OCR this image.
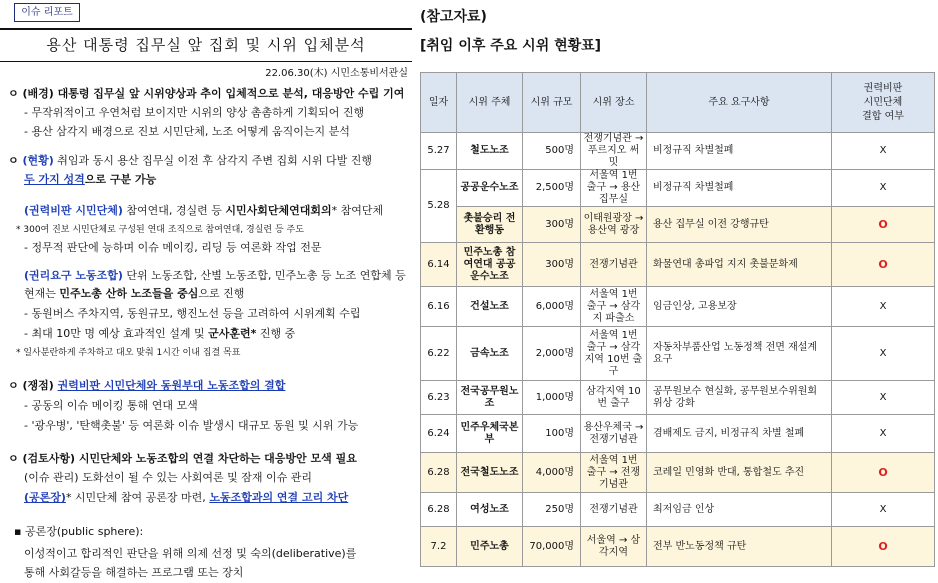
이슈 리포트
용산 대통령 집무실 앞 집회 및 시위 입체분석
22.06.30(木) 시민소통비서관실
ㅇ (배경) 대통령 집무실 앞 시위양상과 추이 입체적으로 분석, 대응방안 수립 기여
- 무작위적이고 우연처럼 보이지만 시위의 양상 촘촘하게 기획되어 진행
- 용산 삼각지 배경으로 진보 시민단체, 노조 어떻게 움직이는지 분석
ㅇ (현황) 취임과 동시 용산 집무실 이전 후 삼각지 주변 집회 시위 다발 진행
두 가지 성격으로 구분 가능
(권력비판 시민단체) 참여연대, 경실련 등 시민사회단체연대회의* 참여단체
* 300여 진보 시민단체로 구성된 연대 조직으로 참여연대, 경실련 등 주도
- 정무적 판단에 능하며 이슈 메이킹, 리딩 등 여론화 작업 전문
(권리요구 노동조합) 단위 노동조합, 산별 노동조합, 민주노총 등 노조 연합체 등
현재는 민주노총 산하 노조들을 중심으로 진행
- 동원버스 주차지역, 동원규모, 행진노선 등을 고려하여 시위계획 수립
- 최대 10만 명 예상 효과적인 설계 및 군사훈련* 진행 중
* 일사분란하게 주차하고 대오 맞춰 1시간 이내 집결 목표
ㅇ (쟁점) 권력비판 시민단체와 동원부대 노동조합의 결합
- 공동의 이슈 메이킹 통해 연대 모색
- '광우병', '탄핵촛불' 등 여론화 이슈 발생시 대규모 동원 및 시위 가능
ㅇ (검토사항) 시민단체와 노동조합의 연결 차단하는 대응방안 모색 필요
(이슈 관리) 도화선이 될 수 있는 사회여론 및 잠재 이슈 관리
(공론장)* 시민단체 참여 공론장 마련, 노동조합과의 연결 고리 차단
▪ 공론장(public sphere):
이성적이고 합리적인 판단을 위해 의제 선정 및 숙의(deliberative)를
통해 사회갈등을 해결하는 프로그램 또는 장치
(참고자료)
[취임 이후 주요 시위 현황표]
일자	시위 주체	시위 규모	시위 장소	주요 요구사항	권력비판
시민단체
결합 여부

5.27	철도노조	500명	전쟁기념관 → 푸르지오 써밋	비정규직 차별철폐	X
5.28	공공운수노조	2,500명	서울역 1번 출구 → 용산 집무실	비정규직 차별철폐	X
	촛불승리 전환행동	300명	이태원광장 → 용산역 광장	용산 집무실 이전 강행규탄	O
6.14	민주노총 참여연대 공공운수노조	300명	전쟁기념관	화물연대 총파업 지지 촛불문화제	O
6.16	건설노조	6,000명	서울역 1번 출구 → 삼각지 파출소	임금인상, 고용보장	X
6.22	금속노조	2,000명	서울역 1번 출구 → 삼각지역 10번 출구	자동차부품산업 노동정책 전면 재설계 요구	X
6.23	전국공무원노조	1,000명	삼각지역 10번 출구	공무원보수 현실화, 공무원보수위원회 위상 강화	X
6.24	민주우체국본부	100명	용산우체국 → 전쟁기념관	겸배제도 금지, 비정규직 차별 철폐	X
6.28	전국철도노조	4,000명	서울역 1번 출구 → 전쟁기념관	코레일 민영화 반대, 통합철도 추진	O
6.28	여성노조	250명	전쟁기념관	최저임금 인상	X
7.2	민주노총	70,000명	서울역 → 삼각지역	전부 반노동정책 규탄	O
